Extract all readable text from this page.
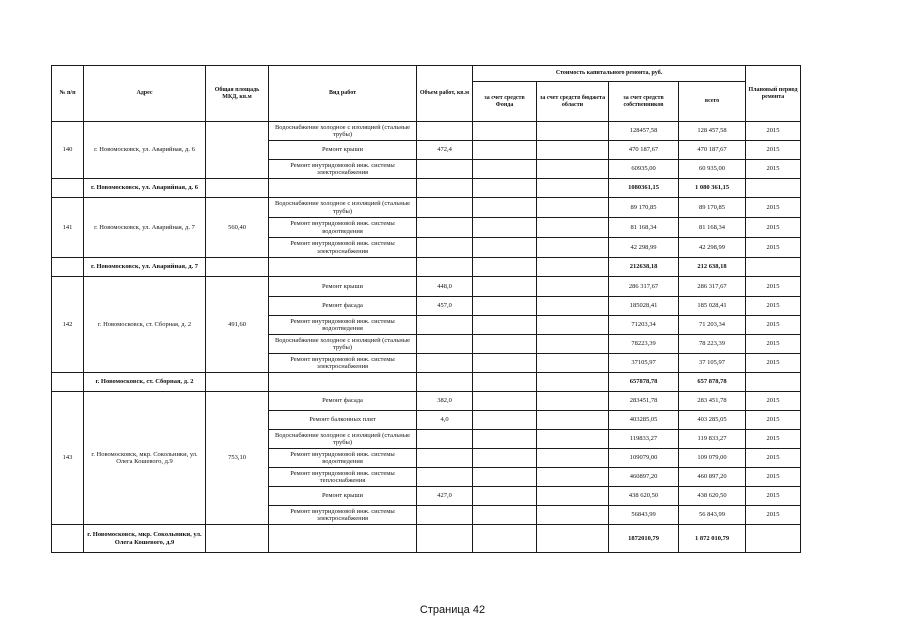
№ п/п	Адрес	Общая площадь МКД, кв.м	Вид работ	Объем работ, кв.м	Стоимость капитального ремонта, руб.				Плановый период ремонта
					за счет средств Фонда	за счет средств бюджета области	за счет средств собственников	всего	
140	г. Новомосковск, ул. Аварийная, д. 6		Водоснабжение холодное с изоляцией (стальные трубы)				128457,58	128 457,58	2015
			Ремонт крыши	472,4			470 187,67	470 187,67	2015
			Ремонт внутридомовой инж. системы электроснабжения				60935,00	60 935,00	2015
	г. Новомосковск, ул. Аварийная, д. 6						1080361,15	1 080 361,15	
141	г. Новомосковск, ул. Аварийная, д. 7	560,40	Водоснабжение холодное с изоляцией (стальные трубы)				89 170,85	89 170,85	2015
			Ремонт внутридомовой инж. системы водоотведения				81 168,34	81 168,34	2015
			Ремонт внутридомовой инж. системы электроснабжения				42 298,99	42 298,99	2015
	г. Новомосковск, ул. Аварийная, д. 7						212638,18	212 638,18	
142	г. Новомосковск, ст. Сборная, д. 2	491,60	Ремонт крыши	448,0			286 317,67	286 317,67	2015
			Ремонт фасада	457,0			185028,41	185 028,41	2015
			Ремонт внутридомовой инж. системы водоотведения				71203,34	71 203,34	2015
			Водоснабжение холодное с изоляцией (стальные трубы)				78223,39	78 223,39	2015
			Ремонт внутридомовой инж. системы электроснабжения				37105,97	37 105,97	2015
	г. Новомосковск, ст. Сборная, д. 2						657878,78	657 878,78	
143	г. Новомосковск, мкр. Сокольники, ул. Олега Кошевого, д.9	753,10	Ремонт фасада	382,0			283451,78	283 451,78	2015
			Ремонт балконных плит	4,0			403285,05	403 285,05	2015
			Водоснабжение холодное с изоляцией (стальные трубы)				119833,27	119 833,27	2015
			Ремонт внутридомовой инж. системы водоотведения				109079,00	109 079,00	2015
			Ремонт внутридомовой инж. системы теплоснабжения				460897,20	460 897,20	2015
			Ремонт крыши	427,0			438 620,50	438 620,50	2015
			Ремонт внутридомовой инж. системы электроснабжения				56843,99	56 843,99	2015
	г. Новомосковск, мкр. Сокольники, ул. Олега Кошевого, д.9						1872010,79	1 872 010,79	
Страница 42
